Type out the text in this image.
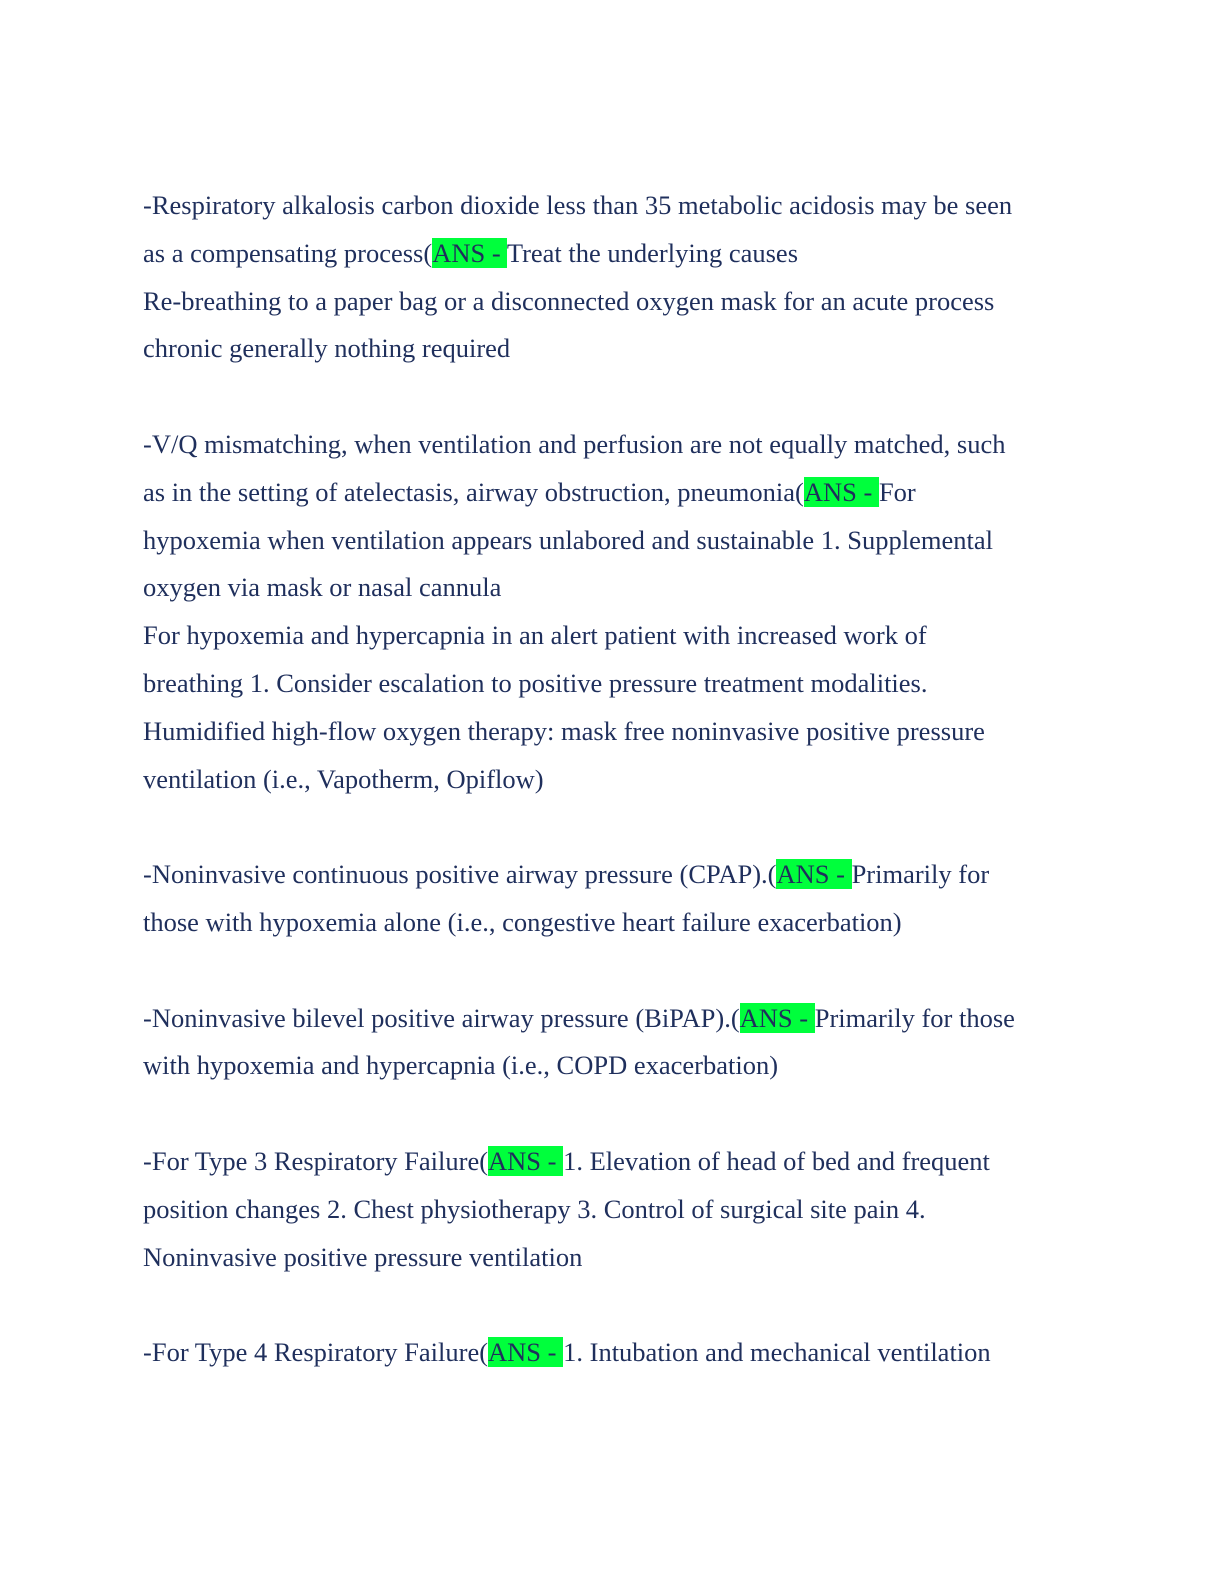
-Respiratory alkalosis carbon dioxide less than 35 metabolic acidosis may be seen
as a compensating process(ANS - Treat the underlying causes
Re-breathing to a paper bag or a disconnected oxygen mask for an acute process
chronic generally nothing required
-V/Q mismatching, when ventilation and perfusion are not equally matched, such
as in the setting of atelectasis, airway obstruction, pneumonia(ANS - For
hypoxemia when ventilation appears unlabored and sustainable 1. Supplemental
oxygen via mask or nasal cannula
For hypoxemia and hypercapnia in an alert patient with increased work of
breathing 1. Consider escalation to positive pressure treatment modalities.
Humidified high-flow oxygen therapy: mask free noninvasive positive pressure
ventilation (i.e., Vapotherm, Opiflow)
-Noninvasive continuous positive airway pressure (CPAP).(ANS - Primarily for
those with hypoxemia alone (i.e., congestive heart failure exacerbation)
-Noninvasive bilevel positive airway pressure (BiPAP).(ANS - Primarily for those
with hypoxemia and hypercapnia (i.e., COPD exacerbation)
-For Type 3 Respiratory Failure(ANS - 1. Elevation of head of bed and frequent
position changes 2. Chest physiotherapy 3. Control of surgical site pain 4.
Noninvasive positive pressure ventilation
-For Type 4 Respiratory Failure(ANS - 1. Intubation and mechanical ventilation
